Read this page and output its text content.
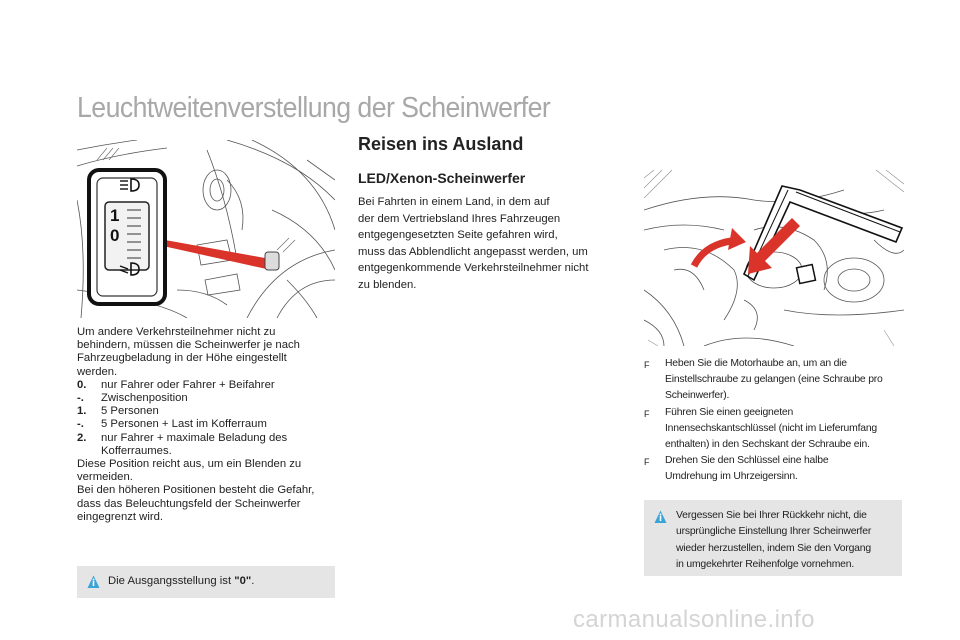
Leuchtweitenverstellung der Scheinwerfer
1
0
Reisen ins Ausland
LED/Xenon-Scheinwerfer
Bei Fahrten in einem Land, in dem auf
der dem Vertriebsland Ihres Fahrzeugen
entgegengesetzten Seite gefahren wird,
muss das Abblendlicht angepasst werden, um
entgegenkommende Verkehrsteilnehmer nicht
zu blenden.
Um andere Verkehrsteilnehmer nicht zu
behindern, müssen die Scheinwerfer je nach
Fahrzeugbeladung in der Höhe eingestellt
werden.
0.	nur Fahrer oder Fahrer + Beifahrer
-.	Zwischenposition
1.	5 Personen
-.	5 Personen + Last im Kofferraum
2.	nur Fahrer + maximale Beladung des
Kofferraumes.
Diese Position reicht aus, um ein Blenden zu
vermeiden.
Bei den höheren Positionen besteht die Gefahr,
dass das Beleuchtungsfeld der Scheinwerfer
eingegrenzt wird.
F	Heben Sie die Motorhaube an, um an die
Einstellschraube zu gelangen (eine Schraube pro
Scheinwerfer).
F	Führen Sie einen geeigneten
Innensechskantschlüssel (nicht im Lieferumfang
enthalten) in den Sechskant der Schraube ein.
F	Drehen Sie den Schlüssel eine halbe
Umdrehung im Uhrzeigersinn.
Vergessen Sie bei Ihrer Rückkehr nicht, die
ursprüngliche Einstellung Ihrer Scheinwerfer
wieder herzustellen, indem Sie den Vorgang
in umgekehrter Reihenfolge vornehmen.
Die Ausgangsstellung ist "0".
carmanualsonline.info
